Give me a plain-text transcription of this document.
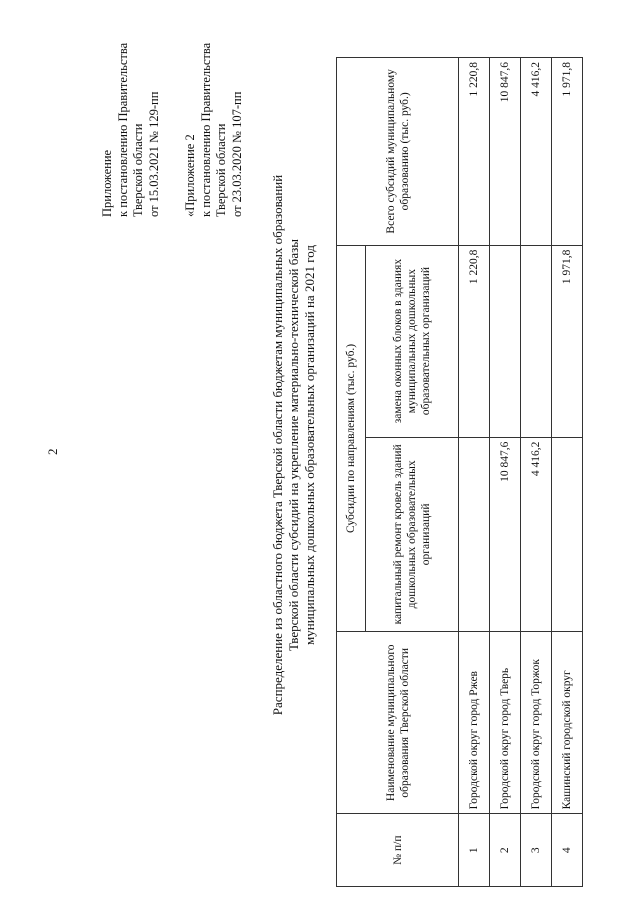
2
Приложение к постановлению Правительства Тверской области от 15.03.2021 № 129-пп «Приложение 2 к постановлению Правительства Тверской области от 23.03.2020 № 107-пп
Распределение из областного бюджета Тверской области бюджетам муниципальных образований Тверской области субсидий на укрепление материально-технической базы муниципальных дошкольных образовательных организаций на 2021 год
№ п/п	Наименование муниципального образования Тверской области	Субсидии по направлениям (тыс. руб.)		Всего субсидий муниципальному образованию (тыс. руб.)
		капитальный ремонт кровель зданий дошкольных образовательных организаций	замена оконных блоков в зданиях муниципальных дошкольных образовательных организаций	
1	Городской округ город Ржев		1 220,8	1 220,8
2	Городской округ город Тверь	10 847,6		10 847,6
3	Городской округ город Торжок	4 416,2		4 416,2
4	Кашинский городской округ		1 971,8	1 971,8
